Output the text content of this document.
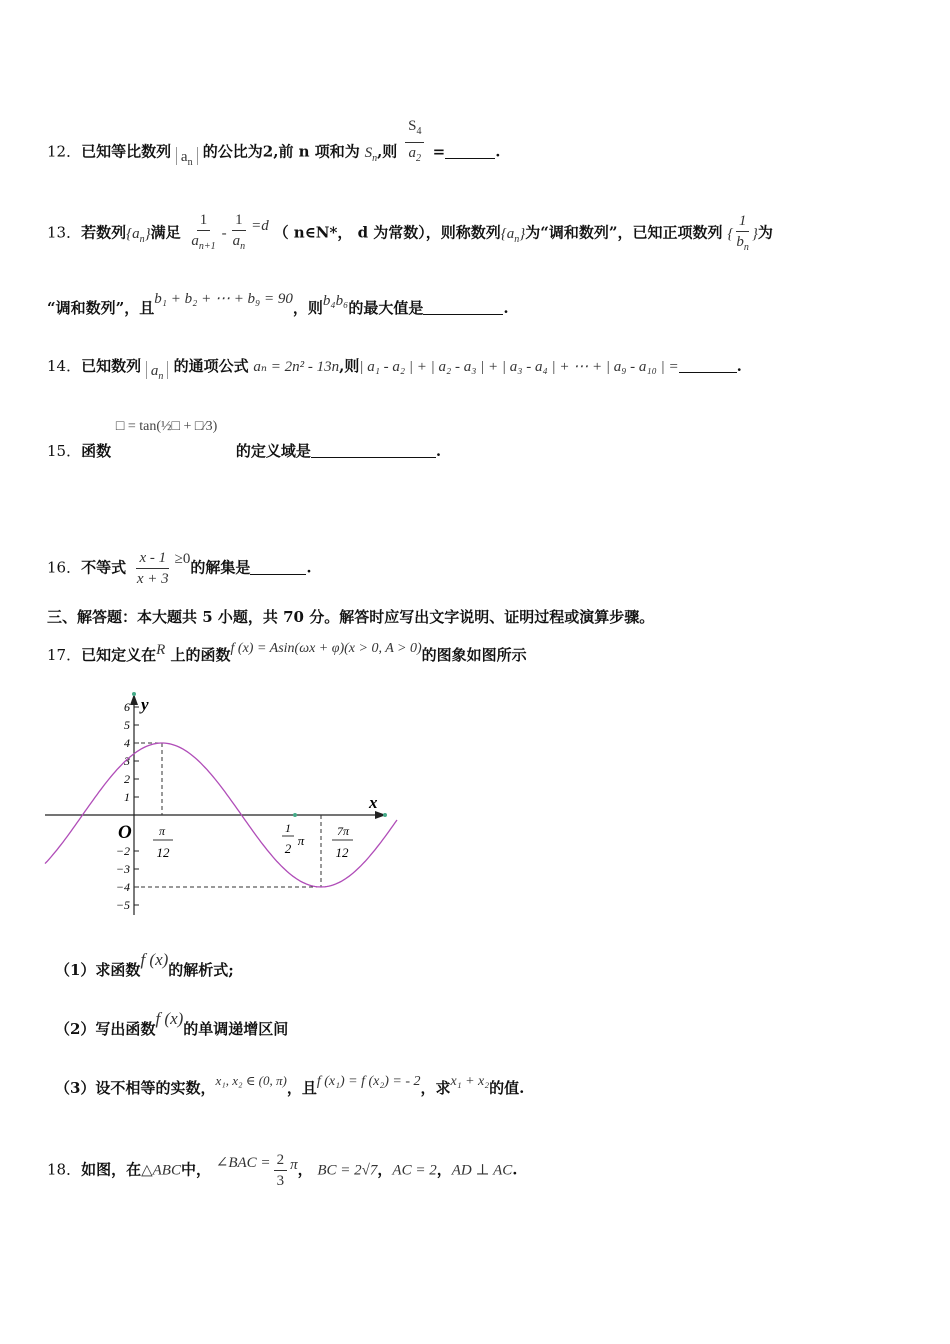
12．已知等比数列 $a_n$ 的公比为2,前 n 项和为 $S_n$,则 $\frac{S_4}{a_2}$ =	.
13．若数列$\{a_n\}$满足 $\frac{1}{a_{n+1}} - \frac{1}{a_n} =d$ （ n∈N*， d 为常数），则称数列$\{a_n\}$为“调和数列”，已知正项数列 { $\frac{1}{b_n}$ }为
“调和数列”，且b₁ + b₂ + ⋯ + b₉ = 90，则b₄b₆的最大值是	.
14．已知数列 $a_n$ 的通项公式 aₙ = 2n² - 13n,则| a₁ - a₂ | + | a₂ - a₃ | + | a₃ - a₄ | + ⋯ + | a₉ - a₁₀ | =	.
15．函数 □ = tan(½□ + □⁄3)的定义域是	.
16．不等式 $\frac{x - 1}{x + 3} \ge 0$的解集是	.
三、解答题：本大题共 5 小题，共 70 分。解答时应写出文字说明、证明过程或演算步骤。
17．已知定义在R 上的函数f (x) = Asin(ωx + φ)(x > 0, A > 0)的图象如图所示
y
x
O
6
5
4
3
2
1
−2
−3
−4
−5
π
12
1
2
π
7π
12
（1）求函数f (x)的解析式;
（2）写出函数f (x)的单调递增区间
（3）设不相等的实数，x₁, x₂ ∈ (0, π)，且f (x₁) = f (x₂) = - 2，求x₁ + x₂的值.
18．如图，在△ABC中， ∠BAC = $\frac{2}{3}$ π， BC = 2√7，AC = 2，AD ⊥ AC.
